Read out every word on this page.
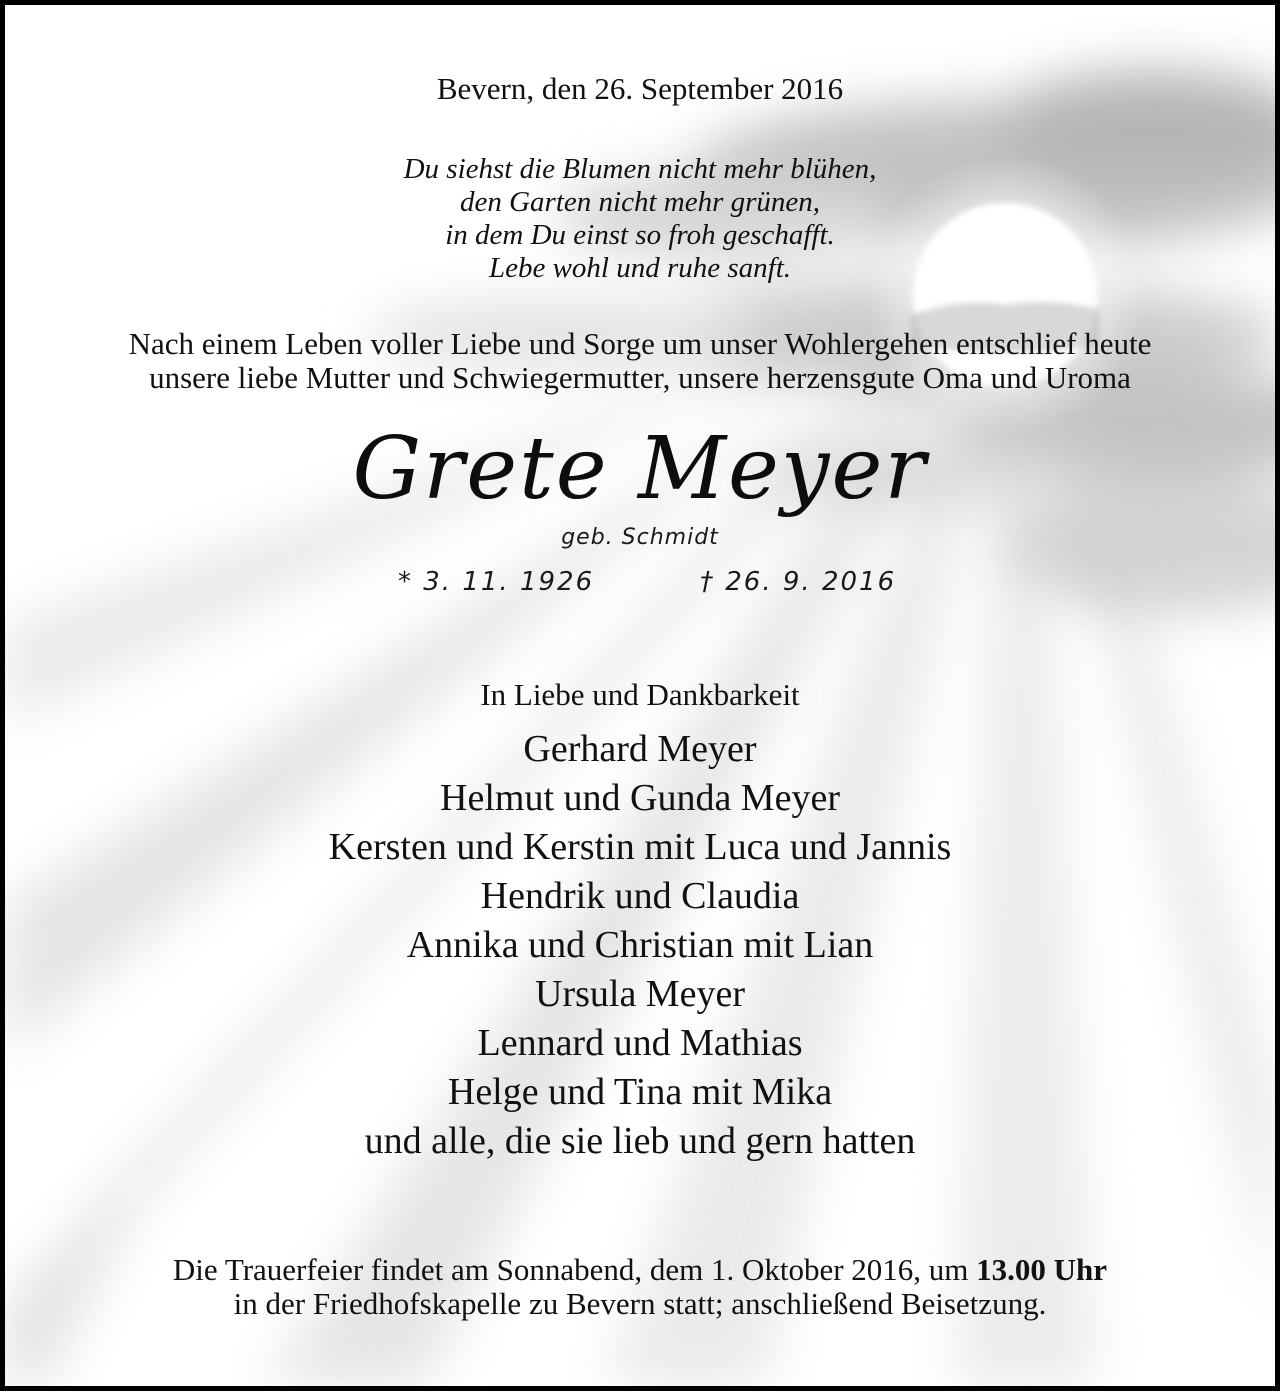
Bevern, den 26. September 2016
Du siehst die Blumen nicht mehr blühen,
den Garten nicht mehr grünen,
in dem Du einst so froh geschafft.
Lebe wohl und ruhe sanft.
Nach einem Leben voller Liebe und Sorge um unser Wohlergehen entschlief heute
unsere liebe Mutter und Schwiegermutter, unsere herzensgute Oma und Uroma
Grete Meyer
geb. Schmidt
* 3. 11. 1926	† 26. 9. 2016
In Liebe und Dankbarkeit
Gerhard Meyer
Helmut und Gunda Meyer
Kersten und Kerstin mit Luca und Jannis
Hendrik und Claudia
Annika und Christian mit Lian
Ursula Meyer
Lennard und Mathias
Helge und Tina mit Mika
und alle, die sie lieb und gern hatten
Die Trauerfeier findet am Sonnabend, dem 1. Oktober 2016, um 13.00 Uhr
in der Friedhofskapelle zu Bevern statt; anschließend Beisetzung.
